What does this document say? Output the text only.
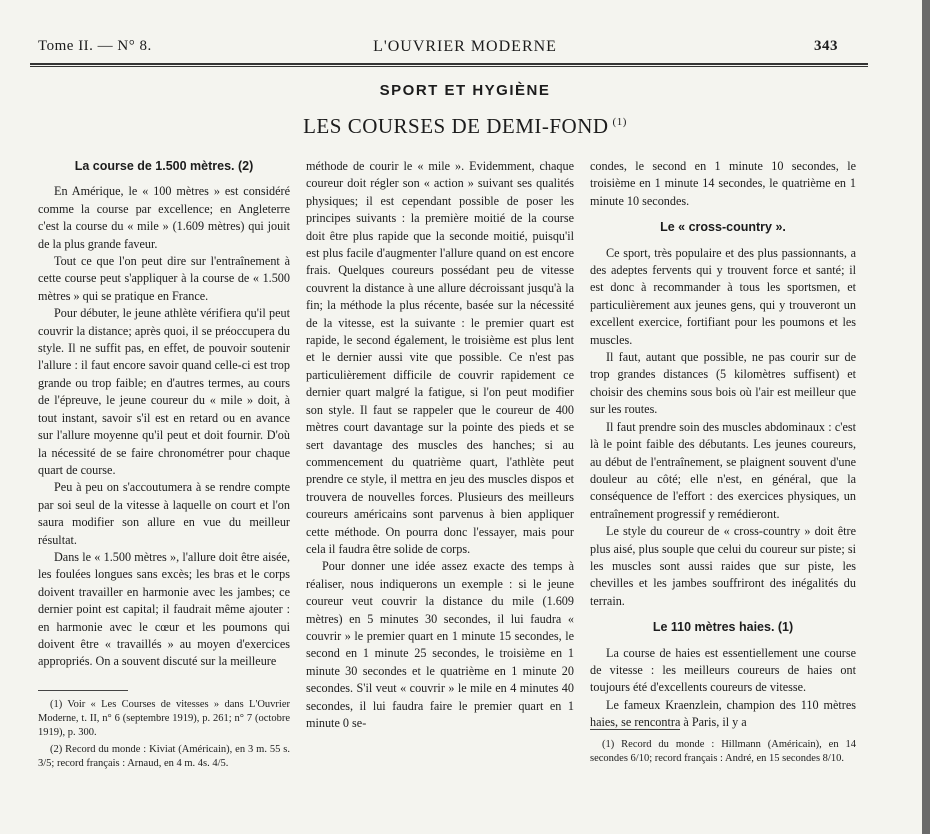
Tome II. — N° 8.	L'OUVRIER MODERNE	343
SPORT ET HYGIÈNE
LES COURSES DE DEMI-FOND $^{(1)}$
La course de 1.500 mètres. (2)

En Amérique, le « 100 mètres » est considéré comme la course par excellence; en Angleterre c'est la course du « mile » (1.609 mètres) qui jouit de la plus grande faveur.

Tout ce que l'on peut dire sur l'entraînement à cette course peut s'appliquer à la course de « 1.500 mètres » qui se pratique en France.

Pour débuter, le jeune athlète vérifiera qu'il peut couvrir la distance; après quoi, il se préoccupera du style. Il ne suffit pas, en effet, de pouvoir soutenir l'allure : il faut encore savoir quand celle-ci est trop grande ou trop faible; en d'autres termes, au cours de l'épreuve, le jeune coureur du « mile » doit, à tout instant, savoir s'il est en retard ou en avance sur l'allure moyenne qu'il peut et doit fournir. D'où la nécessité de se faire chronométrer pour chaque quart de course.

Peu à peu on s'accoutumera à se rendre compte par soi seul de la vitesse à laquelle on court et l'on saura modifier son allure en vue du meilleur résultat.

Dans le « 1.500 mètres », l'allure doit être aisée, les foulées longues sans excès; les bras et le corps doivent travailler en harmonie avec les jambes; ce dernier point est capital; il faudrait même ajouter : en harmonie avec le cœur et les poumons qui doivent être « travaillés » au moyen d'exercices appropriés. On a souvent discuté sur la meilleure

méthode de courir le « mile ». Evidemment, chaque coureur doit régler son « action » suivant ses qualités physiques; il est cependant possible de poser les principes suivants : la première moitié de la course doit être plus rapide que la seconde moitié, puisqu'il est plus facile d'augmenter l'allure quand on est encore frais. Quelques coureurs possédant peu de vitesse couvrent la distance à une allure décroissant jusqu'à la fin; la méthode la plus récente, basée sur la nécessité de la vitesse, est la suivante : le premier quart est rapide, le second également, le troisième est plus lent et le dernier aussi vite que possible. Ce n'est pas particulièrement difficile de couvrir rapidement ce dernier quart malgré la fatigue, si l'on peut modifier son style. Il faut se rappeler que le coureur de 400 mètres court davantage sur la pointe des pieds et se sert davantage des muscles des hanches; si au commencement du quatrième quart, l'athlète peut prendre ce style, il mettra en jeu des muscles dispos et trouvera de nouvelles forces. Plusieurs des meilleurs coureurs américains sont parvenus à bien appliquer cette méthode. On pourra donc l'essayer, mais pour cela il faudra être solide de corps.

Pour donner une idée assez exacte des temps à réaliser, nous indiquerons un exemple : si le jeune coureur veut couvrir la distance du mile (1.609 mètres) en 5 minutes 30 secondes, il lui faudra « couvrir » le premier quart en 1 minute 15 secondes, le second en 1 minute 25 secondes, le troisième en 1 minute 30 secondes et le quatrième en 1 minute 20 secondes. S'il veut « couvrir » le mile en 4 minutes 40 secondes, il lui faudra faire le premier quart en 1 minute 0 se-

condes, le second en 1 minute 10 secondes, le troisième en 1 minute 14 secondes, le quatrième en 1 minute 10 secondes.

Le « cross-country ».

Ce sport, très populaire et des plus passionnants, a des adeptes fervents qui y trouvent force et santé; il est donc à recommander à tous les sportsmen, et particulièrement aux jeunes gens, qui y trouveront un excellent exercice, fortifiant pour les poumons et les muscles.

Il faut, autant que possible, ne pas courir sur de trop grandes distances (5 kilomètres suffisent) et choisir des chemins sous bois où l'air est meilleur que sur les routes.

Il faut prendre soin des muscles abdominaux : c'est là le point faible des débutants. Les jeunes coureurs, au début de l'entraînement, se plaignent souvent d'une douleur au côté; elle n'est, en général, que la conséquence de l'effort : des exercices physiques, un entraînement progressif y remédieront.

Le style du coureur de « cross-country » doit être plus aisé, plus souple que celui du coureur sur piste; si les muscles sont aussi raides que sur piste, les chevilles et les jambes souffriront des inégalités du terrain.

Le 110 mètres haies. (1)

La course de haies est essentiellement une course de vitesse : les meilleurs coureurs de haies ont toujours été d'excellents coureurs de vitesse.

Le fameux Kraenzlein, champion des 110 mètres haies, se rencontra à Paris, il y a

(1) Voir « Les Courses de vitesses » dans L'Ouvrier Moderne, t. II, n° 6 (septembre 1919), p. 261; n° 7 (octobre 1919), p. 300.

(2) Record du monde : Kiviat (Américain), en 3 m. 55 s. 3/5; record français : Arnaud, en 4 m. 4s. 4/5.

(1) Record du monde : Hillmann (Américain), en 14 secondes 6/10; record français : André, en 15 secondes 8/10.
